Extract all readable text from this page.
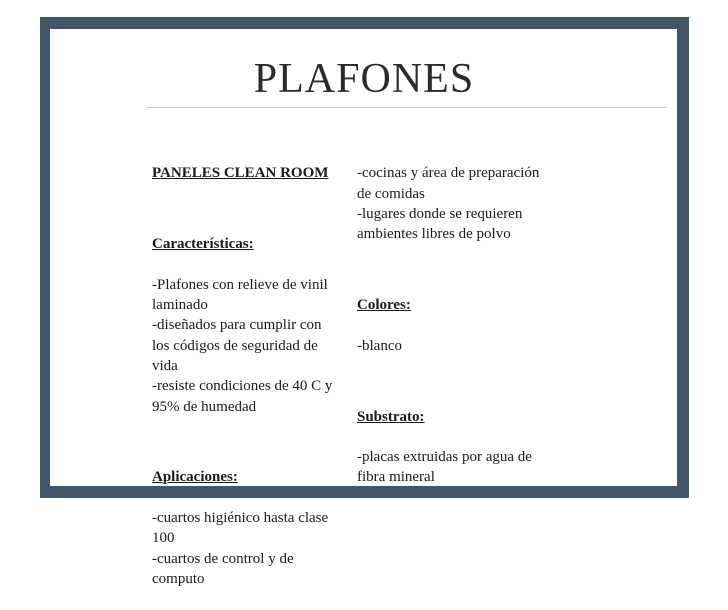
PLAFONES

PANELES CLEAN ROOM

Características:

-Plafones con relieve de vinil
laminado
-diseñados para cumplir con
los códigos de seguridad de
vida
-resiste condiciones de 40 C y
95% de humedad

Aplicaciones:

-cuartos higiénico hasta clase
100
-cuartos de control y de
computo

-cocinas y área de preparación
de comidas
-lugares donde se requieren
ambientes libres de polvo

Colores:

-blanco

Substrato:

-placas extruidas por agua de
fibra mineral
